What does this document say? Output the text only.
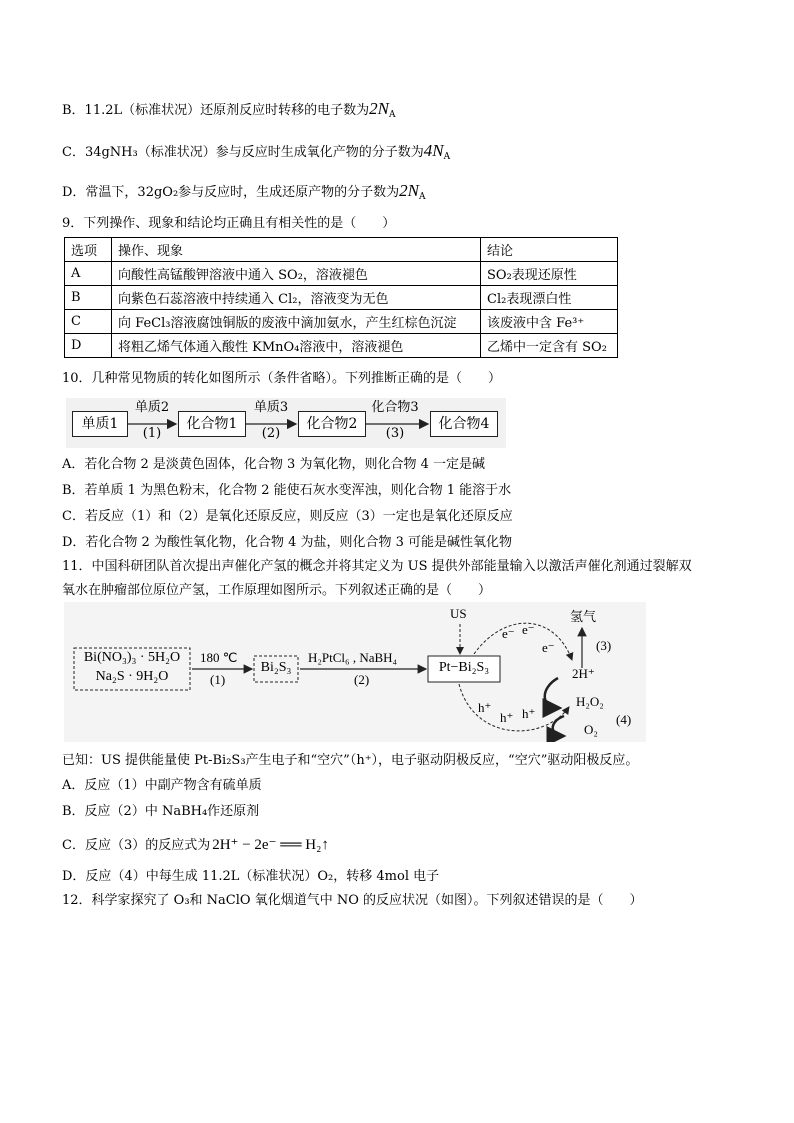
B．11.2L（标准状况）还原剂反应时转移的电子数为$2N_A$
C．34gNH₃（标准状况）参与反应时生成氧化产物的分子数为$4N_A$
D．常温下，32gO₂参与反应时，生成还原产物的分子数为$2N_A$
9．下列操作、现象和结论均正确且有相关性的是（　　）
选项	操作、现象	结论
A	向酸性高锰酸钾溶液中通入 SO₂，溶液褪色	SO₂表现还原性
B	向紫色石蕊溶液中持续通入 Cl₂，溶液变为无色	Cl₂表现漂白性
C	向 FeCl₃溶液腐蚀铜版的废液中滴加氨水，产生红棕色沉淀	该废液中含 Fe³⁺
D	将粗乙烯气体通入酸性 KMnO₄溶液中，溶液褪色	乙烯中一定含有 SO₂
10．几种常见物质的转化如图所示（条件省略）。下列推断正确的是（　　）
单质1	化合物1	化合物2	化合物4
单质2
(1)
单质3
(2)
化合物3
(3)
A．若化合物 2 是淡黄色固体，化合物 3 为氧化物，则化合物 4 一定是碱
B．若单质 1 为黑色粉末，化合物 2 能使石灰水变浑浊，则化合物 1 能溶于水
C．若反应（1）和（2）是氧化还原反应，则反应（3）一定也是氧化还原反应
D．若化合物 2 为酸性氧化物，化合物 4 为盐，则化合物 3 可能是碱性氧化物
11．中国科研团队首次提出声催化产氢的概念并将其定义为 US 提供外部能量输入以激活声催化剂通过裂解双
氧水在肿瘤部位原位产氢，工作原理如图所示。下列叙述正确的是（　　）
Bi(NO₃)₃ · 5H₂O
Na₂S · 9H₂O
180 ℃
(1)
Bi₂S₃
H₂PtCl₆ , NaBH₄
(2)
Pt−Bi₂S₃
US
e⁻ e⁻
e⁻
h⁺
h⁺ h⁺
氢气
(3)
2H⁺
H₂O₂
O₂
(4)
已知：US 提供能量使 Pt-Bi₂S₃产生电子和“空穴”（h⁺），电子驱动阴极反应，“空穴”驱动阳极反应。
A．反应（1）中副产物含有硫单质
B．反应（2）中 NaBH₄作还原剂
C．反应（3）的反应式为 2H⁺ − 2e⁻ ══ H₂↑
D．反应（4）中每生成 11.2L（标准状况）O₂，转移 4mol 电子
12．科学家探究了 O₃和 NaClO 氧化烟道气中 NO 的反应状况（如图）。下列叙述错误的是（　　）
